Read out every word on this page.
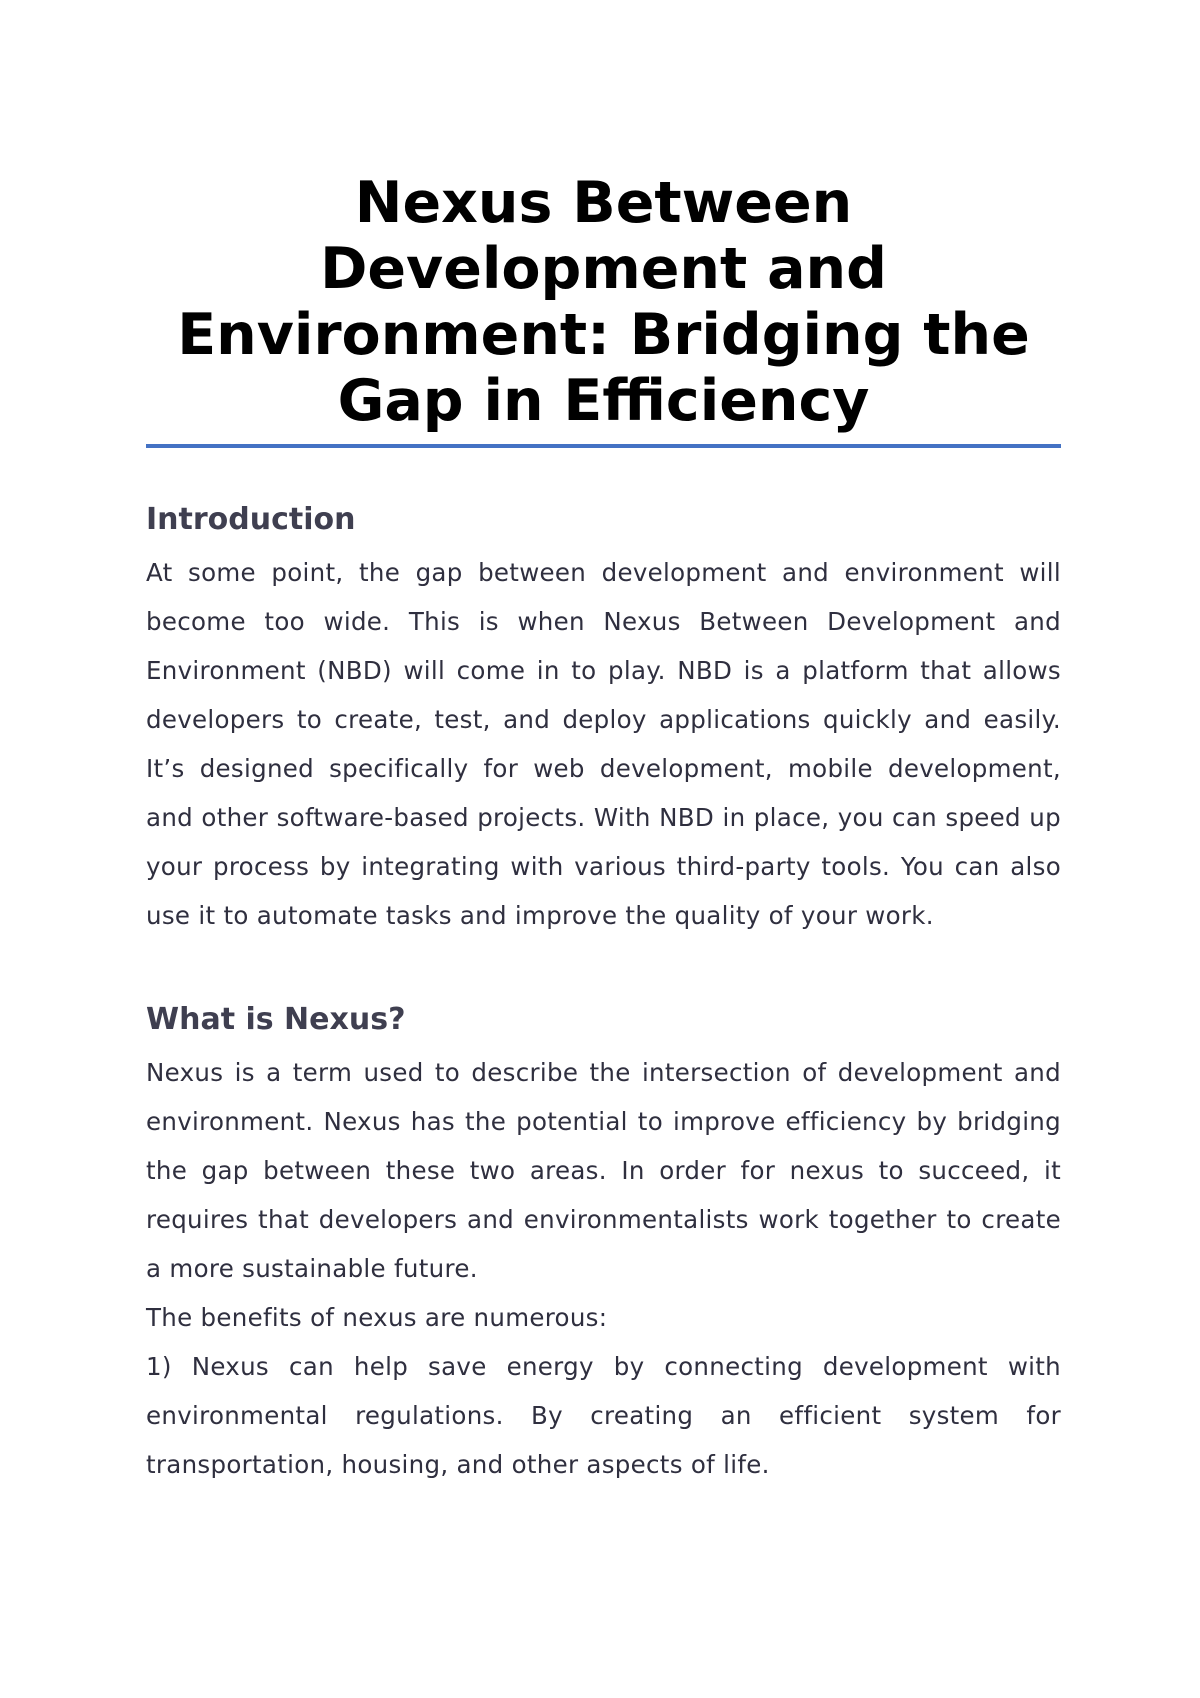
Nexus Between Development and Environment: Bridging the Gap in Efficiency
Introduction

At some point, the gap between development and environment will become too wide. This is when Nexus Between Development and Environment (NBD) will come in to play. NBD is a platform that allows developers to create, test, and deploy applications quickly and easily. It’s designed specifically for web development, mobile development, and other software-based projects. With NBD in place, you can speed up your process by integrating with various third-party tools. You can also use it to automate tasks and improve the quality of your work.

What is Nexus?

Nexus is a term used to describe the intersection of development and environment. Nexus has the potential to improve efficiency by bridging the gap between these two areas. In order for nexus to succeed, it requires that developers and environmentalists work together to create a more sustainable future.

The benefits of nexus are numerous:

1) Nexus can help save energy by connecting development with environmental regulations. By creating an efficient system for transportation, housing, and other aspects of life.
